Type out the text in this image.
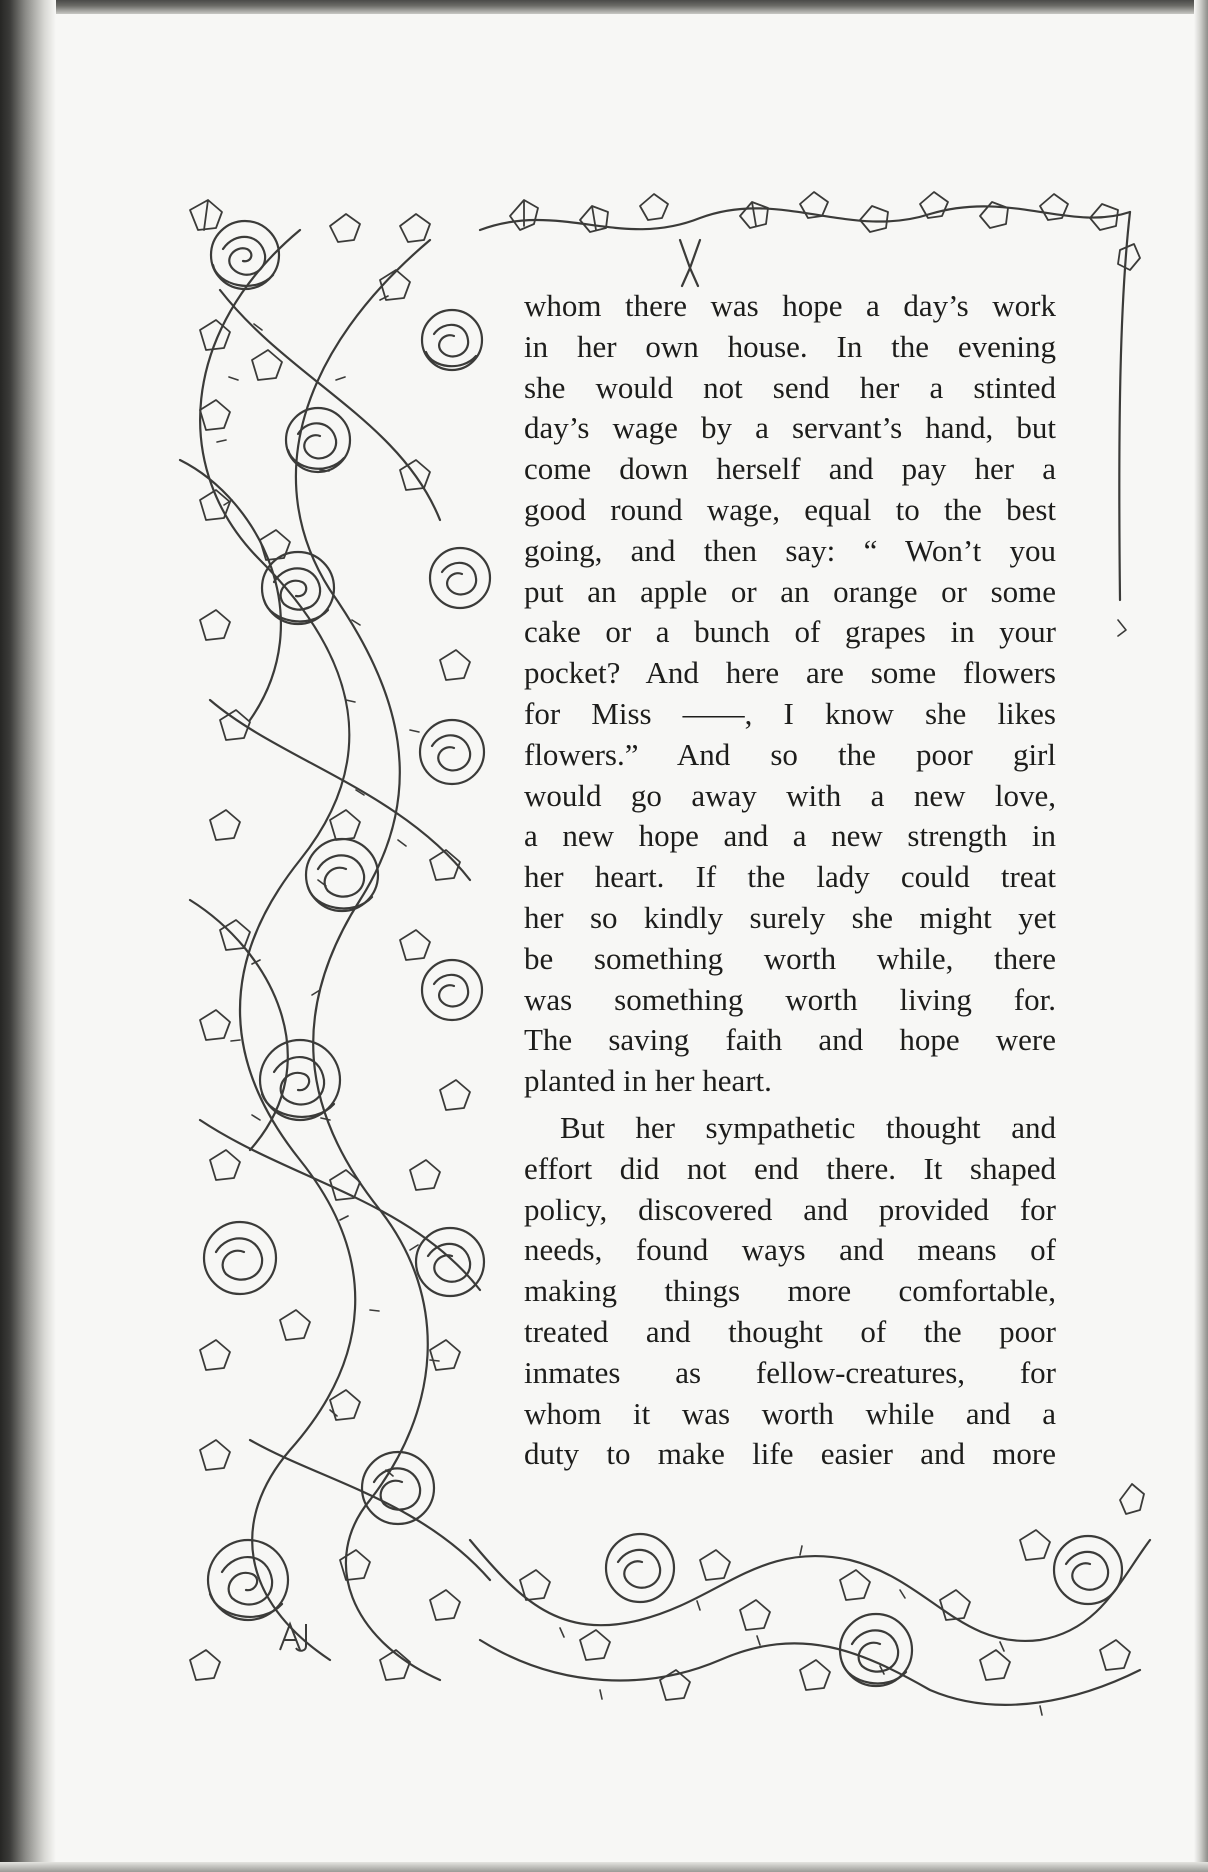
whom there was hope a day’s work
in her own house. In the evening
she would not send her a stinted
day’s wage by a servant’s hand, but
come down herself and pay her a
good round wage, equal to the best
going, and then say: “ Won’t you
put an apple or an orange or some
cake or a bunch of grapes in your
pocket? And here are some flowers
for Miss ——, I know she likes
flowers.” And so the poor girl
would go away with a new love,
a new hope and a new strength in
her heart. If the lady could treat
her so kindly surely she might yet
be something worth while, there
was something worth living for.
The saving faith and hope were
planted in her heart.
But her sympathetic thought and
effort did not end there. It shaped
policy, discovered and provided for
needs, found ways and means of
making things more comfortable,
treated and thought of the poor
inmates as fellow-creatures, for
whom it was worth while and a
duty to make life easier and more
